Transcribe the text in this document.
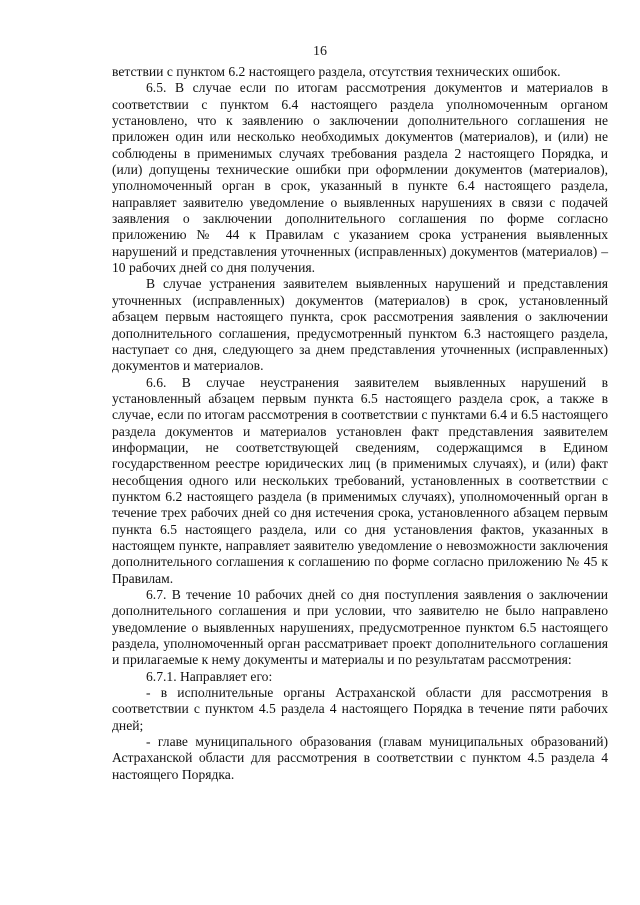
16

ветствии с пунктом 6.2 настоящего раздела, отсутствия технических ошибок.

6.5. В случае если по итогам рассмотрения документов и материалов в соответствии с пунктом 6.4 настоящего раздела уполномоченным органом установлено, что к заявлению о заключении дополнительного соглашения не приложен один или несколько необходимых документов (материалов), и (или) не соблюдены в применимых случаях требования раздела 2 настоящего Порядка, и (или) допущены технические ошибки при оформлении документов (материалов), уполномоченный орган в срок, указанный в пункте 6.4 настоящего раздела, направляет заявителю уведомление о выявленных нарушениях в связи с подачей заявления о заключении дополнительного соглашения по форме согласно приложению № 44 к Правилам с указанием срока устранения выявленных нарушений и представления уточненных (исправленных) документов (материалов) – 10 рабочих дней со дня получения.

В случае устранения заявителем выявленных нарушений и представления уточненных (исправленных) документов (материалов) в срок, установленный абзацем первым настоящего пункта, срок рассмотрения заявления о заключении дополнительного соглашения, предусмотренный пунктом 6.3 настоящего раздела, наступает со дня, следующего за днем представления уточненных (исправленных) документов и материалов.

6.6. В случае неустранения заявителем выявленных нарушений в установленный абзацем первым пункта 6.5 настоящего раздела срок, а также в случае, если по итогам рассмотрения в соответствии с пунктами 6.4 и 6.5 настоящего раздела документов и материалов установлен факт представления заявителем информации, не соответствующей сведениям, содержащимся в Едином государственном реестре юридических лиц (в применимых случаях), и (или) факт несобщения одного или нескольких требований, установленных в соответствии с пунктом 6.2 настоящего раздела (в применимых случаях), уполномоченный орган в течение трех рабочих дней со дня истечения срока, установленного абзацем первым пункта 6.5 настоящего раздела, или со дня установления фактов, указанных в настоящем пункте, направляет заявителю уведомление о невозможности заключения дополнительного соглашения к соглашению по форме согласно приложению № 45 к Правилам.

6.7. В течение 10 рабочих дней со дня поступления заявления о заключении дополнительного соглашения и при условии, что заявителю не было направлено уведомление о выявленных нарушениях, предусмотренное пунктом 6.5 настоящего раздела, уполномоченный орган рассматривает проект дополнительного соглашения и прилагаемые к нему документы и материалы и по результатам рассмотрения:

6.7.1. Направляет его:

- в исполнительные органы Астраханской области для рассмотрения в соответствии с пунктом 4.5 раздела 4 настоящего Порядка в течение пяти рабочих дней;

- главе муниципального образования (главам муниципальных образований) Астраханской области для рассмотрения в соответствии с пунктом 4.5 раздела 4 настоящего Порядка.
